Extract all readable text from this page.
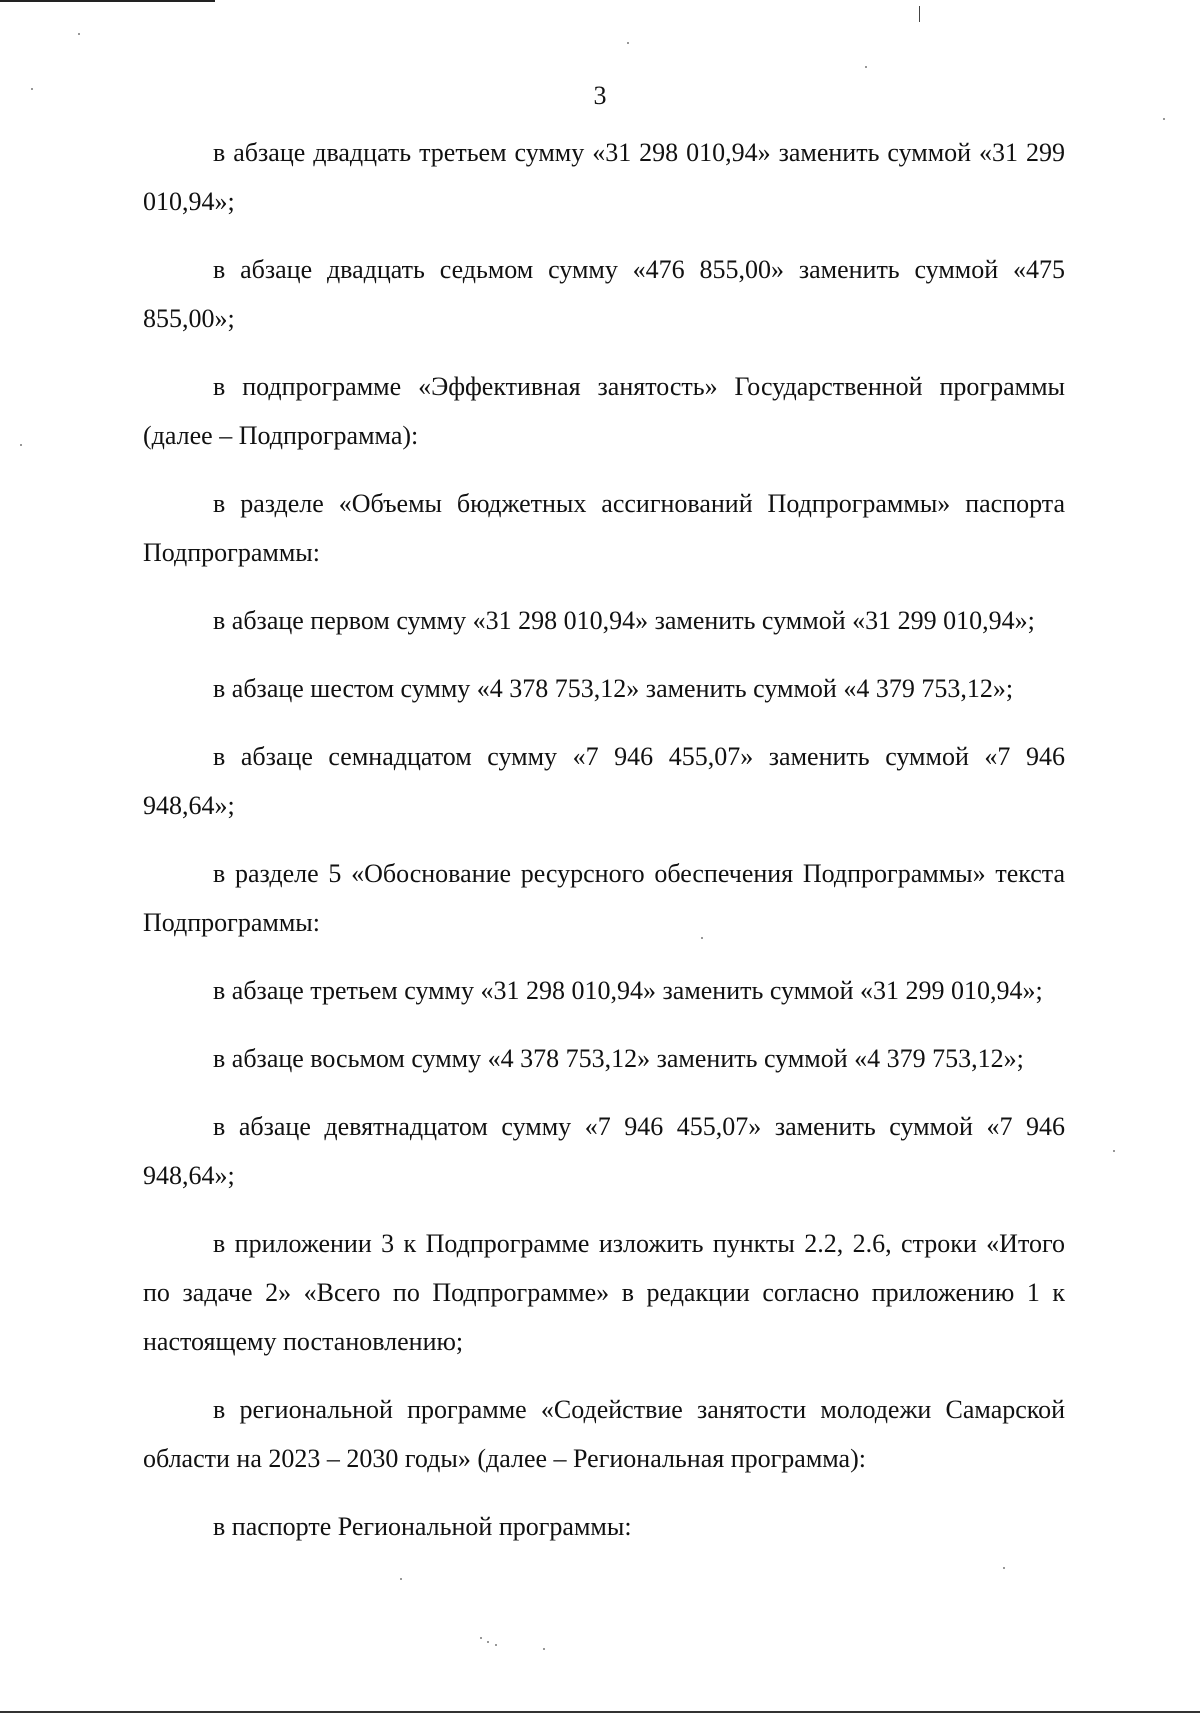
3

в абзаце двадцать третьем сумму «31 298 010,94» заменить суммой «31 299 010,94»;

в абзаце двадцать седьмом сумму «476 855,00» заменить суммой «475 855,00»;

в подпрограмме «Эффективная занятость» Государственной программы (далее – Подпрограмма):

в разделе «Объемы бюджетных ассигнований Подпрограммы» паспорта Подпрограммы:

в абзаце первом сумму «31 298 010,94» заменить суммой «31 299 010,94»;

в абзаце шестом сумму «4 378 753,12» заменить суммой «4 379 753,12»;

в абзаце семнадцатом сумму «7 946 455,07» заменить суммой «7 946 948,64»;

в разделе 5 «Обоснование ресурсного обеспечения Подпрограммы» текста Подпрограммы:

в абзаце третьем сумму «31 298 010,94» заменить суммой «31 299 010,94»;

в абзаце восьмом сумму «4 378 753,12» заменить суммой «4 379 753,12»;

в абзаце девятнадцатом сумму «7 946 455,07» заменить суммой «7 946 948,64»;

в приложении 3 к Подпрограмме изложить пункты 2.2, 2.6, строки «Итого по задаче 2» «Всего по Подпрограмме» в редакции согласно приложению 1 к настоящему постановлению;

в региональной программе «Содействие занятости молодежи Самарской области на 2023 – 2030 годы» (далее – Региональная программа):

в паспорте Региональной программы:
